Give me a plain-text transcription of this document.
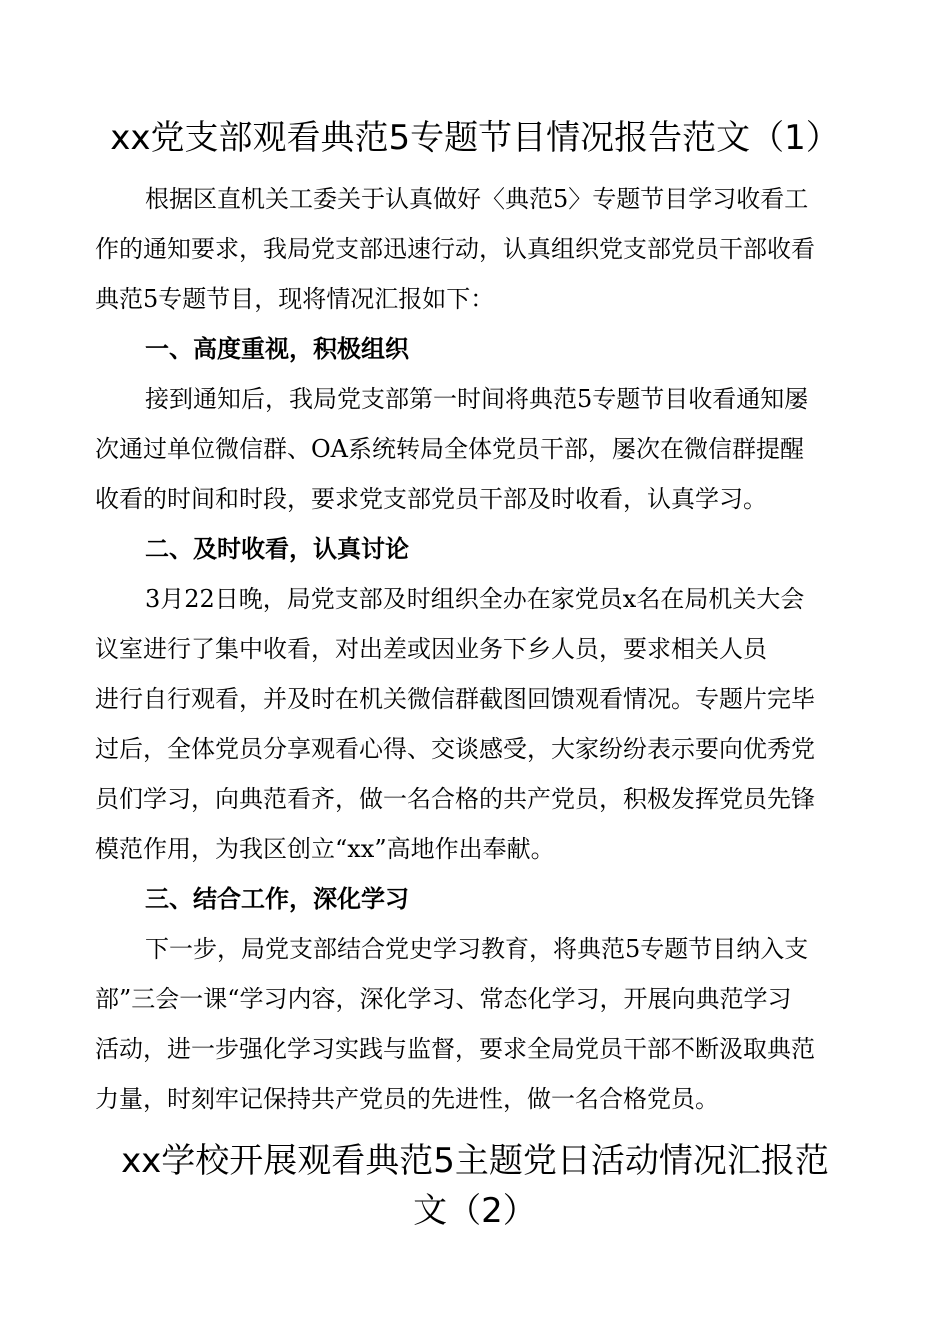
xx党支部观看典范5专题节目情况报告范文（1）
根据区直机关工委关于认真做好〈典范5〉专题节目学习收看工
作的通知要求，我局党支部迅速行动，认真组织党支部党员干部收看
典范5专题节目，现将情况汇报如下：
一、高度重视，积极组织
接到通知后，我局党支部第一时间将典范5专题节目收看通知屡
次通过单位微信群、OA系统转局全体党员干部，屡次在微信群提醒
收看的时间和时段，要求党支部党员干部及时收看，认真学习。
二、及时收看，认真讨论
3月22日晚，局党支部及时组织全办在家党员x名在局机关大会
议室进行了集中收看，对出差或因业务下乡人员，要求相关人员
进行自行观看，并及时在机关微信群截图回馈观看情况。专题片完毕
过后，全体党员分享观看心得、交谈感受，大家纷纷表示要向优秀党
员们学习，向典范看齐，做一名合格的共产党员，积极发挥党员先锋
模范作用，为我区创立“xx”高地作出奉献。
三、结合工作，深化学习
下一步，局党支部结合党史学习教育，将典范5专题节目纳入支
部”三会一课“学习内容，深化学习、常态化学习，开展向典范学习
活动，进一步强化学习实践与监督，要求全局党员干部不断汲取典范
力量，时刻牢记保持共产党员的先进性，做一名合格党员。
xx学校开展观看典范5主题党日活动情况汇报范
文（2）
